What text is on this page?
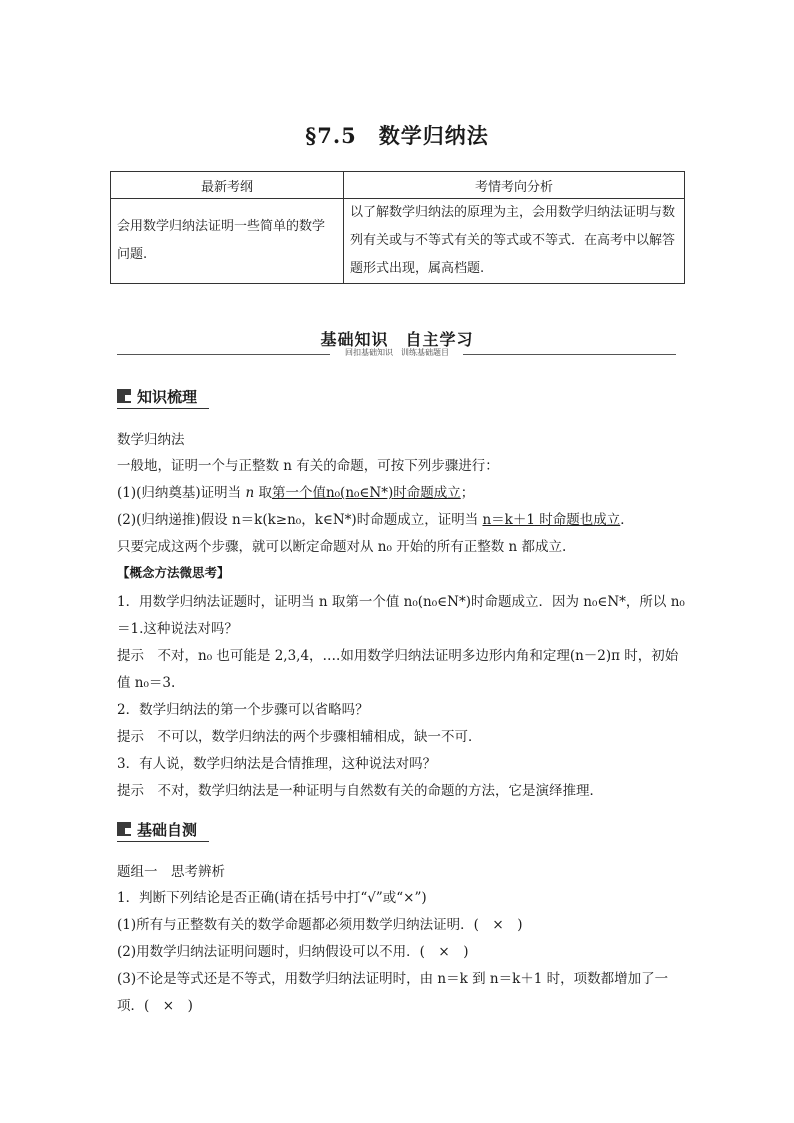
§7.5　数学归纳法
最新考纲	考情考向分析
会用数学归纳法证明一些简单的数学问题.	以了解数学归纳法的原理为主，会用数学归纳法证明与数列有关或与不等式有关的等式或不等式．在高考中以解答题形式出现，属高档题.
基础知识　自主学习
回扣基础知识　训练基础题目
知识梳理
数学归纳法
一般地，证明一个与正整数 n 有关的命题，可按下列步骤进行：
(1)(归纳奠基)证明当 n 取第一个值n₀(n₀∈N*)时命题成立；
(2)(归纳递推)假设 n＝k(k≥n₀，k∈N*)时命题成立，证明当 n＝k＋1 时命题也成立．
只要完成这两个步骤，就可以断定命题对从 n₀ 开始的所有正整数 n 都成立.
【概念方法微思考】
1．用数学归纳法证题时，证明当 n 取第一个值 n₀(n₀∈N*)时命题成立．因为 n₀∈N*，所以 n₀
＝1.这种说法对吗？
提示　不对，n₀ 也可能是 2,3,4，….如用数学归纳法证明多边形内角和定理(n－2)π 时，初始
值 n₀＝3.
2．数学归纳法的第一个步骤可以省略吗？
提示　不可以，数学归纳法的两个步骤相辅相成，缺一不可．
3．有人说，数学归纳法是合情推理，这种说法对吗？
提示　不对，数学归纳法是一种证明与自然数有关的命题的方法，它是演绎推理．
基础自测
题组一　思考辨析
1．判断下列结论是否正确(请在括号中打“√”或“×”)
(1)所有与正整数有关的数学命题都必须用数学归纳法证明．(　×　)
(2)用数学归纳法证明问题时，归纳假设可以不用．(　×　)
(3)不论是等式还是不等式，用数学归纳法证明时，由 n＝k 到 n＝k＋1 时，项数都增加了一
项．(　×　)
